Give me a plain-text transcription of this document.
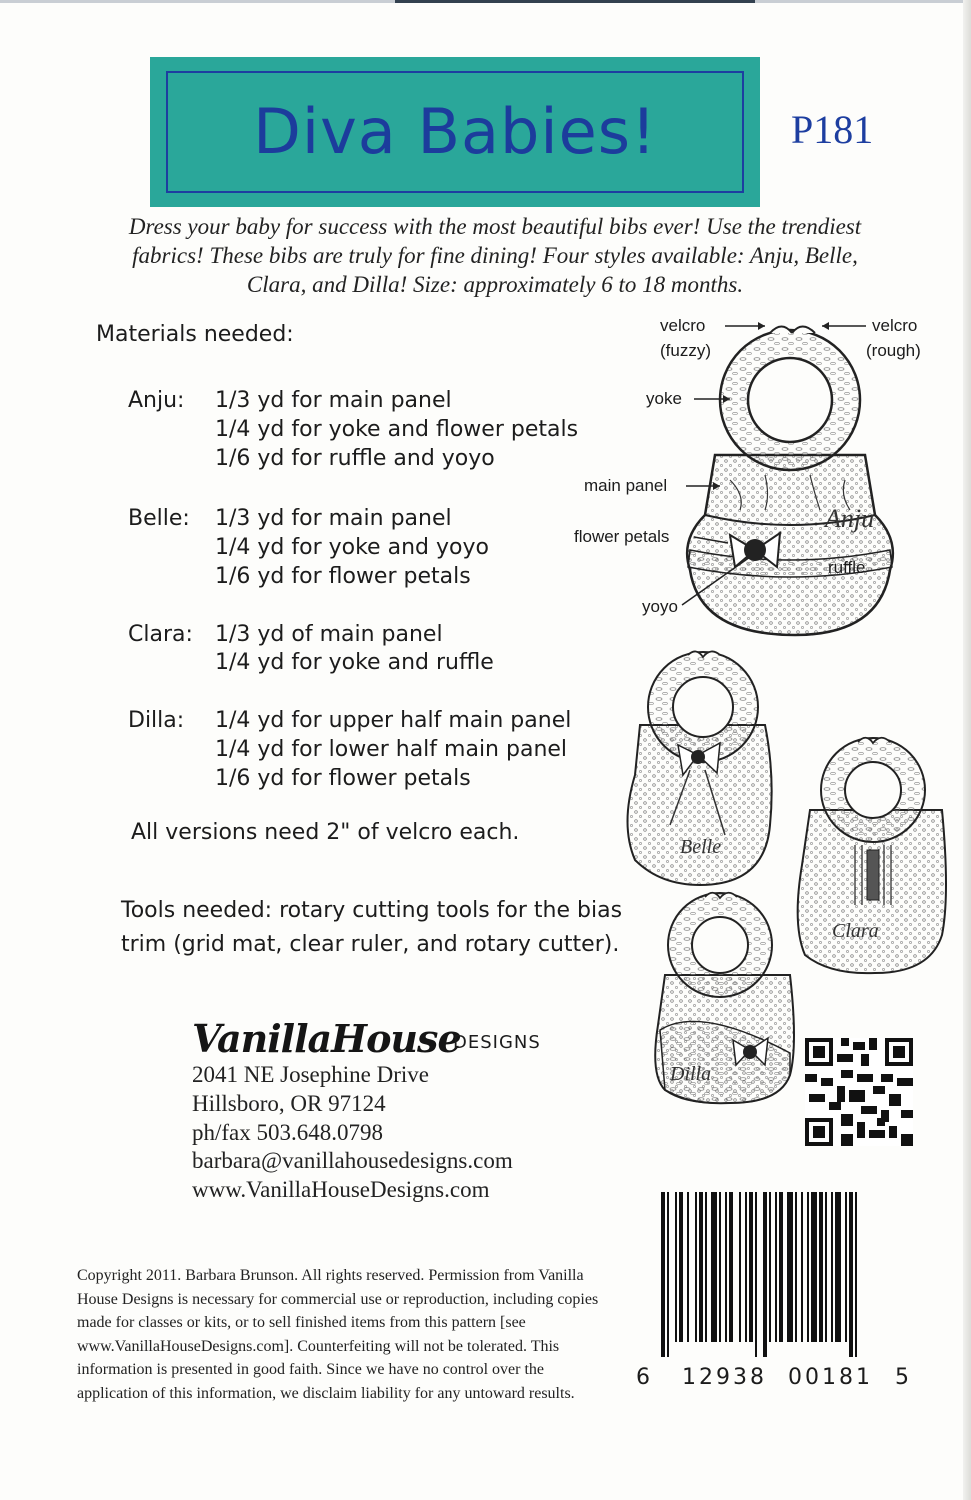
Diva Babies!	P181
Dress your baby for success with the most beautiful bibs ever! Use the trendiest fabrics! These bibs are truly for fine dining! Four styles available: Anju, Belle, Clara, and Dilla! Size: approximately 6 to 18 months.
Materials needed:
Anju: 1/3 yd for main panel
1/4 yd for yoke and flower petals
1/6 yd for ruffle and yoyo
Belle: 1/3 yd for main panel
1/4 yd for yoke and yoyo
1/6 yd for flower petals
Clara: 1/3 yd of main panel
1/4 yd for yoke and ruffle
Dilla: 1/4 yd for upper half main panel
1/4 yd for lower half main panel
1/6 yd for flower petals
All versions need 2" of velcro each.
Tools needed: rotary cutting tools for the bias trim (grid mat, clear ruler, and rotary cutter).
Anju
Belle
Clara
Dilla
velcro
(fuzzy)
velcro
(rough)
yoke
main panel
flower petals
ruffle
yoyo
VanillaHouse
DESIGNS
2041 NE Josephine Drive
Hillsboro, OR 97124
ph/fax 503.648.0798
barbara@vanillahousedesigns.com
www.VanillaHouseDesigns.com
6 12938 00181 5
Copyright 2011. Barbara Brunson. All rights reserved. Permission from Vanilla House Designs is necessary for commercial use or reproduction, including copies made for classes or kits, or to sell finished items from this pattern [see www.VanillaHouseDesigns.com]. Counterfeiting will not be tolerated. This information is presented in good faith. Since we have no control over the application of this information, we disclaim liability for any untoward results.
